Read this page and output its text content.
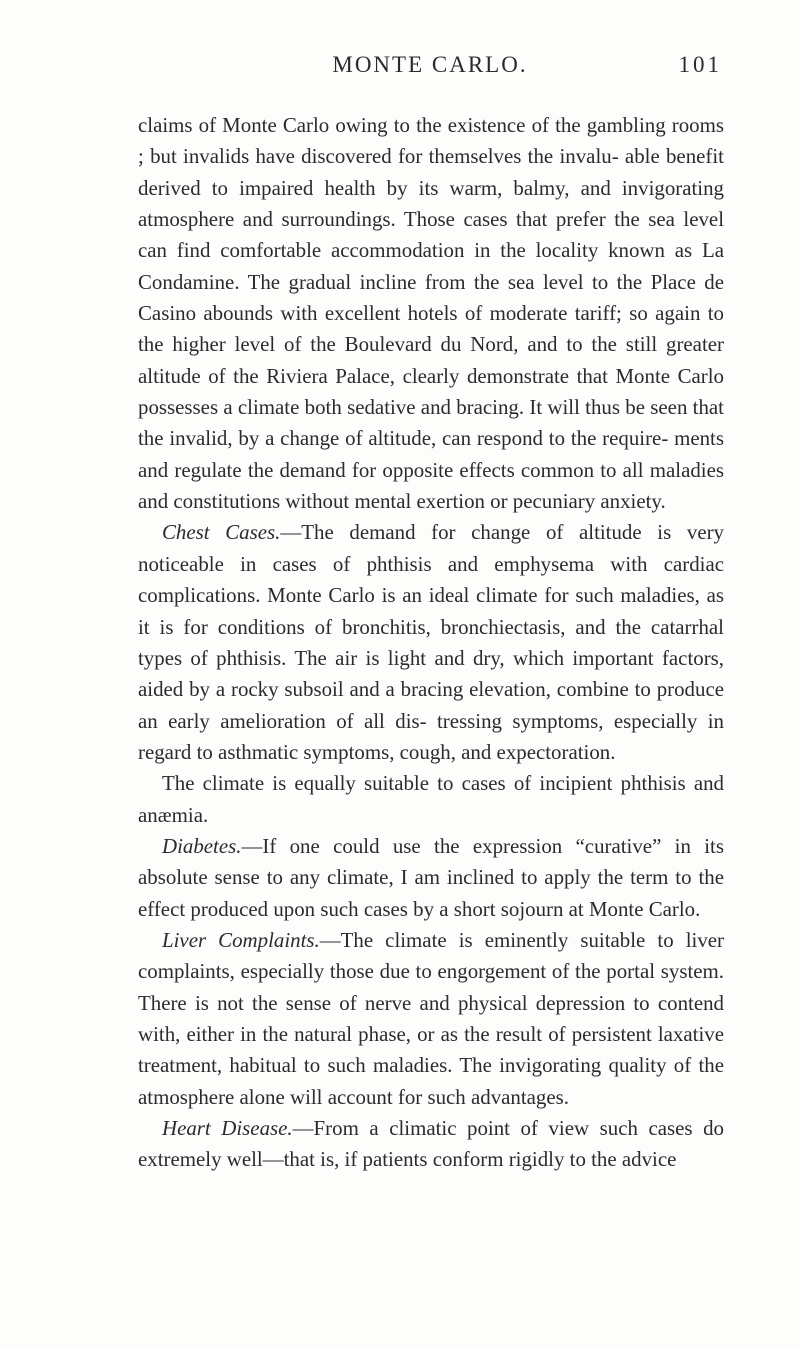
MONTE CARLO.	101

claims of Monte Carlo owing to the existence of the gambling rooms ; but invalids have discovered for themselves the invalu- able benefit derived to impaired health by its warm, balmy, and invigorating atmosphere and surroundings. Those cases that prefer the sea level can find comfortable accommodation in the locality known as La Condamine. The gradual incline from the sea level to the Place de Casino abounds with excellent hotels of moderate tariff; so again to the higher level of the Boulevard du Nord, and to the still greater altitude of the Riviera Palace, clearly demonstrate that Monte Carlo possesses a climate both sedative and bracing. It will thus be seen that the invalid, by a change of altitude, can respond to the require- ments and regulate the demand for opposite effects common to all maladies and constitutions without mental exertion or pecuniary anxiety.

Chest Cases.—The demand for change of altitude is very noticeable in cases of phthisis and emphysema with cardiac complications. Monte Carlo is an ideal climate for such maladies, as it is for conditions of bronchitis, bronchiectasis, and the catarrhal types of phthisis. The air is light and dry, which important factors, aided by a rocky subsoil and a bracing elevation, combine to produce an early amelioration of all dis- tressing symptoms, especially in regard to asthmatic symptoms, cough, and expectoration.

The climate is equally suitable to cases of incipient phthisis and anæmia.

Diabetes.—If one could use the expression “curative” in its absolute sense to any climate, I am inclined to apply the term to the effect produced upon such cases by a short sojourn at Monte Carlo.

Liver Complaints.—The climate is eminently suitable to liver complaints, especially those due to engorgement of the portal system. There is not the sense of nerve and physical depression to contend with, either in the natural phase, or as the result of persistent laxative treatment, habitual to such maladies. The invigorating quality of the atmosphere alone will account for such advantages.

Heart Disease.—From a climatic point of view such cases do extremely well—that is, if patients conform rigidly to the advice
